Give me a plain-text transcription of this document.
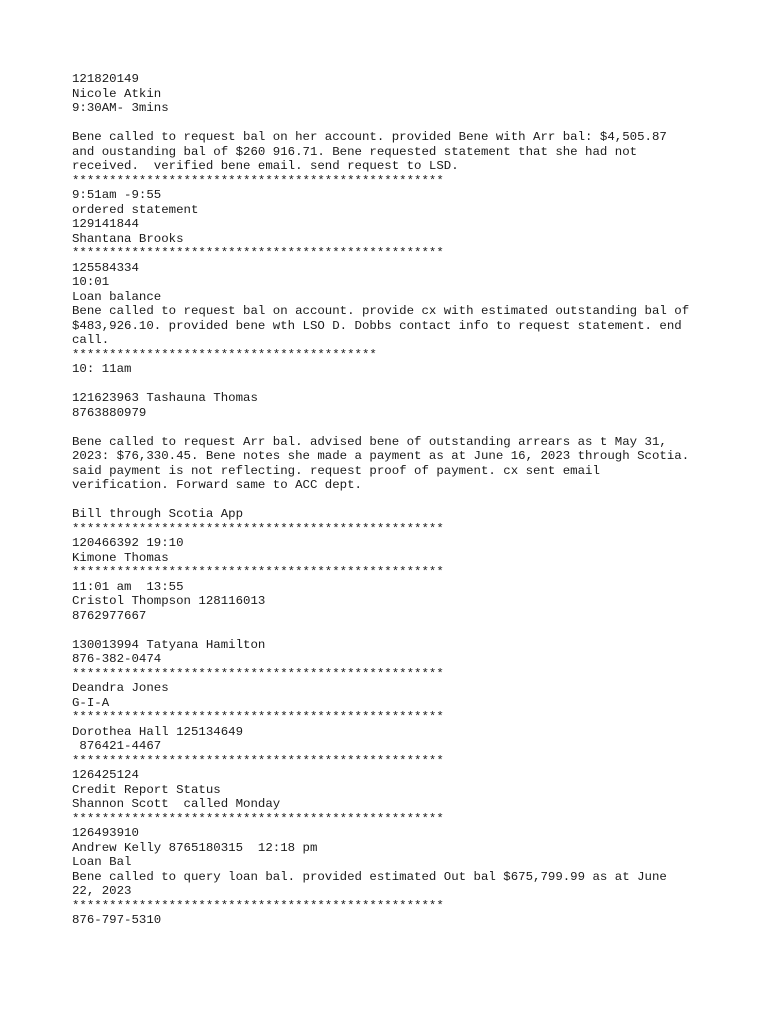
121820149
Nicole Atkin
9:30AM- 3mins
Bene called to request bal on her account. provided Bene with Arr bal: $4,505.87
and oustanding bal of $260 916.71. Bene requested statement that she had not
received.  verified bene email. send request to LSD.
**************************************************
9:51am -9:55
ordered statement
129141844
Shantana Brooks
**************************************************
125584334
10:01
Loan balance
Bene called to request bal on account. provide cx with estimated outstanding bal of
$483,926.10. provided bene wth LSO D. Dobbs contact info to request statement. end
call.
*****************************************
10: 11am
121623963 Tashauna Thomas
8763880979
Bene called to request Arr bal. advised bene of outstanding arrears as t May 31,
2023: $76,330.45. Bene notes she made a payment as at June 16, 2023 through Scotia.
said payment is not reflecting. request proof of payment. cx sent email
verification. Forward same to ACC dept.
Bill through Scotia App
**************************************************
120466392 19:10
Kimone Thomas
**************************************************
11:01 am  13:55
Cristol Thompson 128116013
8762977667
130013994 Tatyana Hamilton
876-382-0474
**************************************************
Deandra Jones
G-I-A
**************************************************
Dorothea Hall 125134649
876421-4467
**************************************************
126425124
Credit Report Status
Shannon Scott  called Monday
**************************************************
126493910
Andrew Kelly 8765180315  12:18 pm
Loan Bal
Bene called to query loan bal. provided estimated Out bal $675,799.99 as at June
22, 2023
**************************************************
876-797-5310
